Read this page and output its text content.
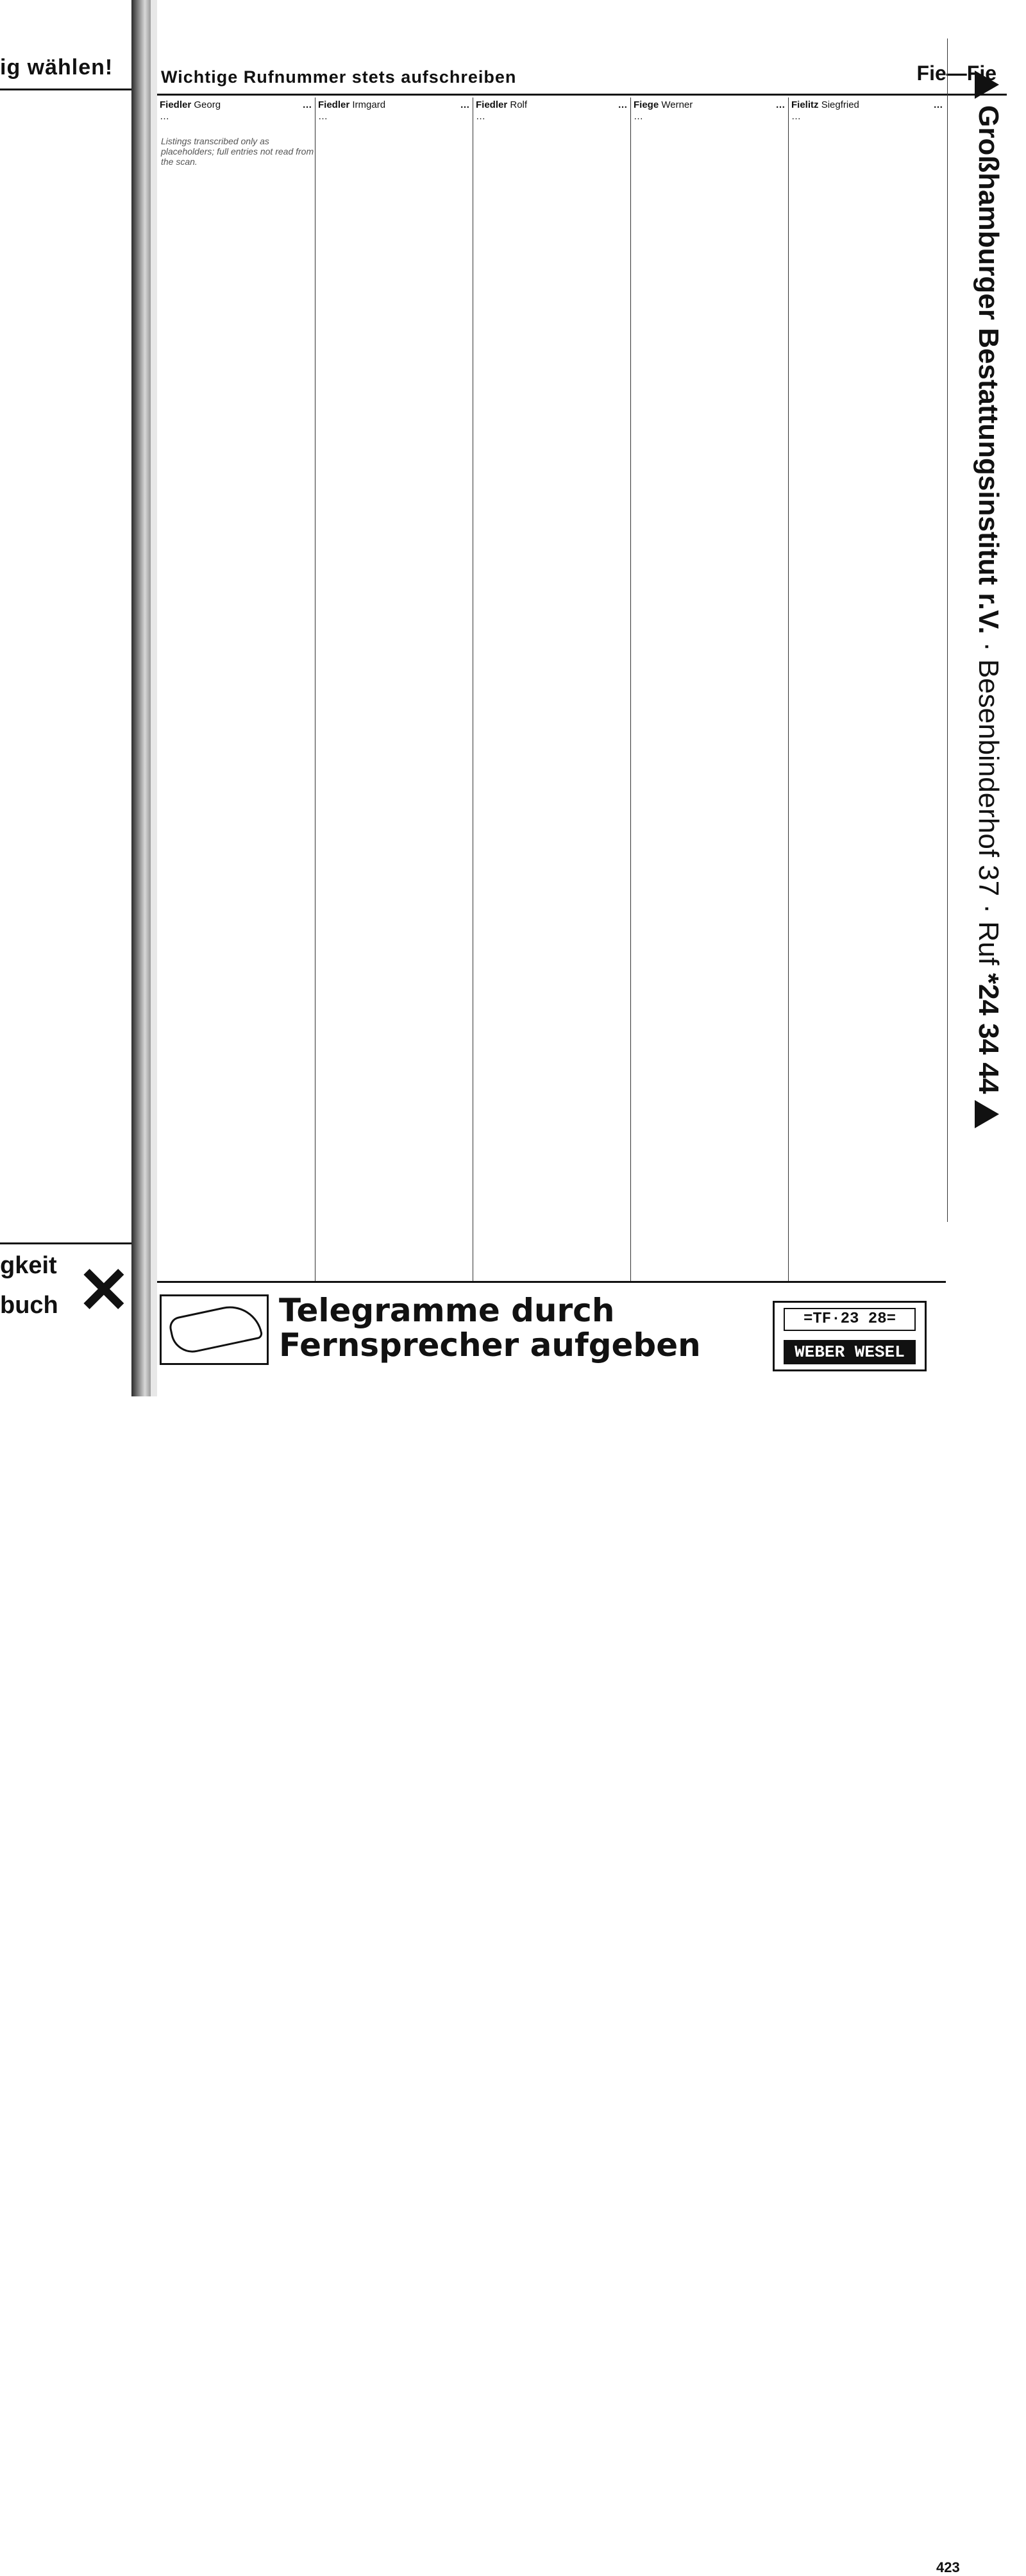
ig wählen!
gkeit
buch ✕
Wichtige Rufnummer stets aufschreiben	Fie—Fie
Fiedler Georg	…
…
Listings transcribed only as placeholders; full entries not read from the scan.
Fiedler Irmgard	…
…
Fiedler Rolf	…
…
Fiege Werner	…
…
Fielitz Siegfried	…
…	Großhamburger Bestattungsinstitut r.V. · Besenbinderhof 37 · Ruf *24 34 44
Telegramme durch
Fernsprecher aufgeben
=TF·23 28=
WEBER WESEL
423
